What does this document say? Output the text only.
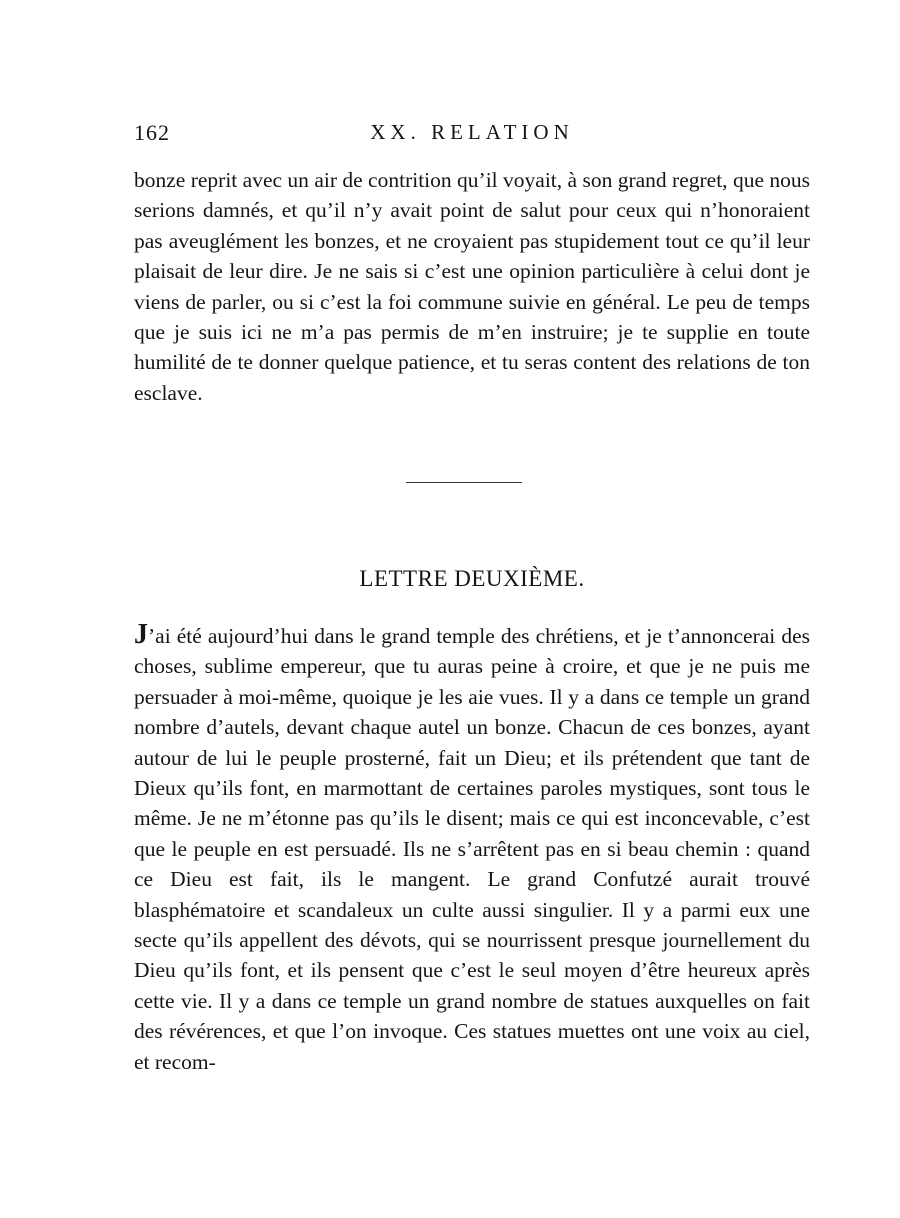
162	XX. RELATION

bonze reprit avec un air de contrition qu’il voyait, à son grand regret, que nous serions damnés, et qu’il n’y avait point de salut pour ceux qui n’honoraient pas aveuglément les bonzes, et ne croyaient pas stupidement tout ce qu’il leur plaisait de leur dire. Je ne sais si c’est une opinion particulière à celui dont je viens de parler, ou si c’est la foi commune suivie en général. Le peu de temps que je suis ici ne m’a pas permis de m’en instruire; je te supplie en toute humilité de te donner quelque patience, et tu seras content des relations de ton esclave.

LETTRE DEUXIÈME.

J’ai été aujourd’hui dans le grand temple des chrétiens, et je t’annoncerai des choses, sublime empereur, que tu auras peine à croire, et que je ne puis me persuader à moi-même, quoique je les aie vues. Il y a dans ce temple un grand nombre d’autels, devant chaque autel un bonze. Chacun de ces bonzes, ayant autour de lui le peuple prosterné, fait un Dieu; et ils prétendent que tant de Dieux qu’ils font, en marmottant de certaines paroles mystiques, sont tous le même. Je ne m’étonne pas qu’ils le disent; mais ce qui est inconcevable, c’est que le peuple en est persuadé. Ils ne s’arrêtent pas en si beau chemin : quand ce Dieu est fait, ils le mangent. Le grand Confutzé aurait trouvé blasphématoire et scandaleux un culte aussi singulier. Il y a parmi eux une secte qu’ils appellent des dévots, qui se nourrissent presque journellement du Dieu qu’ils font, et ils pensent que c’est le seul moyen d’être heureux après cette vie. Il y a dans ce temple un grand nombre de statues auxquelles on fait des révérences, et que l’on invoque. Ces statues muettes ont une voix au ciel, et recom-
